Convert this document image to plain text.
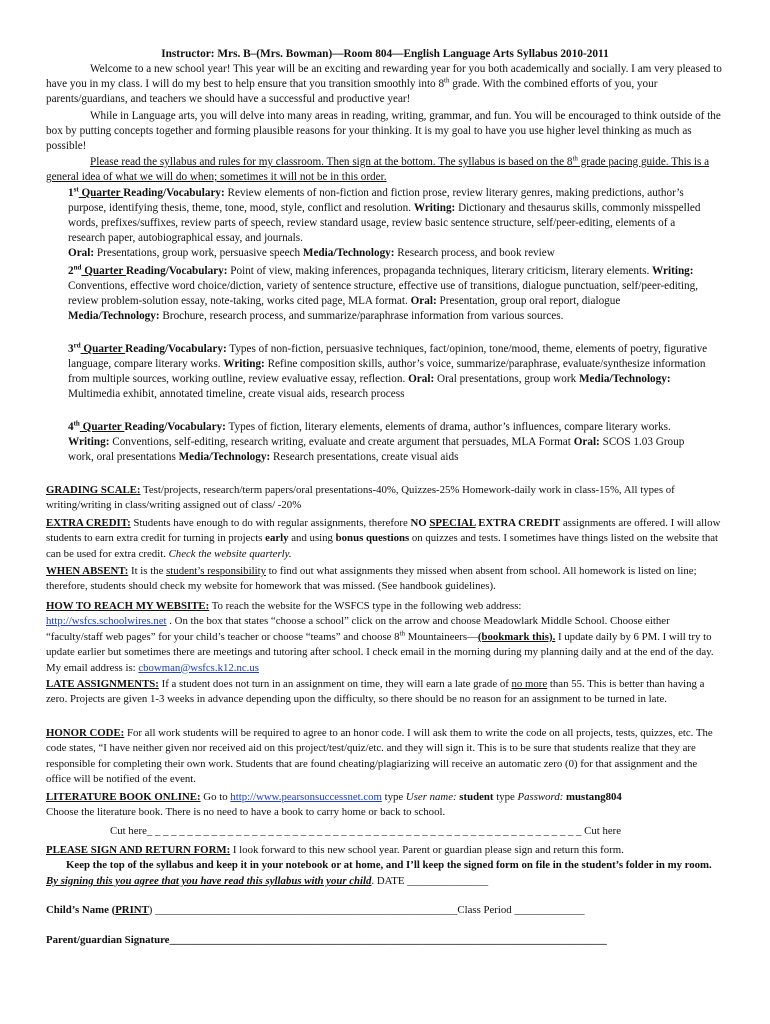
Instructor: Mrs. B–(Mrs. Bowman)—Room 804—English Language Arts Syllabus 2010-2011
Welcome to a new school year! This year will be an exciting and rewarding year for you both academically and socially. I am very pleased to have you in my class. I will do my best to help ensure that you transition smoothly into 8th grade. With the combined efforts of you, your parents/guardians, and teachers we should have a successful and productive year!
While in Language arts, you will delve into many areas in reading, writing, grammar, and fun. You will be encouraged to think outside of the box by putting concepts together and forming plausible reasons for your thinking. It is my goal to have you use higher level thinking as much as possible!
Please read the syllabus and rules for my classroom. Then sign at the bottom. The syllabus is based on the 8th grade pacing guide. This is a general idea of what we will do when; sometimes it will not be in this order.
1st Quarter Reading/Vocabulary: Review elements of non-fiction and fiction prose, review literary genres, making predictions, author’s purpose, identifying thesis, theme, tone, mood, style, conflict and resolution. Writing: Dictionary and thesaurus skills, commonly misspelled words, prefixes/suffixes, review parts of speech, review standard usage, review basic sentence structure, self/peer-editing, elements of a research paper, autobiographical essay, and journals.
Oral: Presentations, group work, persuasive speech Media/Technology: Research process, and book review
2nd Quarter Reading/Vocabulary: Point of view, making inferences, propaganda techniques, literary criticism, literary elements. Writing: Conventions, effective word choice/diction, variety of sentence structure, effective use of transitions, dialogue punctuation, self/peer-editing, review problem-solution essay, note-taking, works cited page, MLA format. Oral: Presentation, group oral report, dialogue Media/Technology: Brochure, research process, and summarize/paraphrase information from various sources.
3rd Quarter Reading/Vocabulary: Types of non-fiction, persuasive techniques, fact/opinion, tone/mood, theme, elements of poetry, figurative language, compare literary works. Writing: Refine composition skills, author’s voice, summarize/paraphrase, evaluate/synthesize information from multiple sources, working outline, review evaluative essay, reflection. Oral: Oral presentations, group work Media/Technology: Multimedia exhibit, annotated timeline, create visual aids, research process
4th Quarter Reading/Vocabulary: Types of fiction, literary elements, elements of drama, author’s influences, compare literary works. Writing: Conventions, self-editing, research writing, evaluate and create argument that persuades, MLA Format Oral: SCOS 1.03 Group work, oral presentations Media/Technology: Research presentations, create visual aids
GRADING SCALE: Test/projects, research/term papers/oral presentations-40%, Quizzes-25% Homework-daily work in class-15%, All types of writing/writing in class/writing assigned out of class/ -20%
EXTRA CREDIT: Students have enough to do with regular assignments, therefore NO SPECIAL EXTRA CREDIT assignments are offered. I will allow students to earn extra credit for turning in projects early and using bonus questions on quizzes and tests. I sometimes have things listed on the website that can be used for extra credit. Check the website quarterly.
WHEN ABSENT: It is the student’s responsibility to find out what assignments they missed when absent from school. All homework is listed on line; therefore, students should check my website for homework that was missed. (See handbook guidelines).
HOW TO REACH MY WEBSITE: To reach the website for the WSFCS type in the following web address:
http://wsfcs.schoolwires.net . On the box that states “choose a school” click on the arrow and choose Meadowlark Middle School. Choose either “faculty/staff web pages” for your child’s teacher or choose “teams” and choose 8th Mountaineers—(bookmark this). I update daily by 6 PM. I will try to update earlier but sometimes there are meetings and tutoring after school. I check email in the morning during my planning daily and at the end of the day. My email address is: cbowman@wsfcs.k12.nc.us
LATE ASSIGNMENTS: If a student does not turn in an assignment on time, they will earn a late grade of no more than 55. This is better than having a zero. Projects are given 1-3 weeks in advance depending upon the difficulty, so there should be no reason for an assignment to be turned in late.
HONOR CODE: For all work students will be required to agree to an honor code. I will ask them to write the code on all projects, tests, quizzes, etc. The code states, “I have neither given nor received aid on this project/test/quiz/etc. and they will sign it. This is to be sure that students realize that they are responsible for completing their own work. Students that are found cheating/plagiarizing will receive an automatic zero (0) for that assignment and the office will be notified of the event.
LITERATURE BOOK ONLINE: Go to http://www.pearsonsuccessnet.com type User name: student type Password: mustang804
Choose the literature book. There is no need to have a book to carry home or back to school.
Cut here_ _ _ _ _ _ _ _ _ _ _ _ _ _ _ _ _ _ _ _ _ _ _ _ _ _ _ _ _ _ _ _ _ _ _ _ _ _ _ _ _ _ _ _ _ _ _ _ _ _ _ _ _ _ Cut here
PLEASE SIGN AND RETURN FORM: I look forward to this new school year. Parent or guardian please sign and return this form.
Keep the top of the syllabus and keep it in your notebook or at home, and I’ll keep the signed form on file in the student’s folder in my room. By signing this you agree that you have read this syllabus with your child. DATE _______________
Child’s Name (PRINT) ________________________________________________________Class Period _____________
Parent/guardian Signature_________________________________________________________________________________
